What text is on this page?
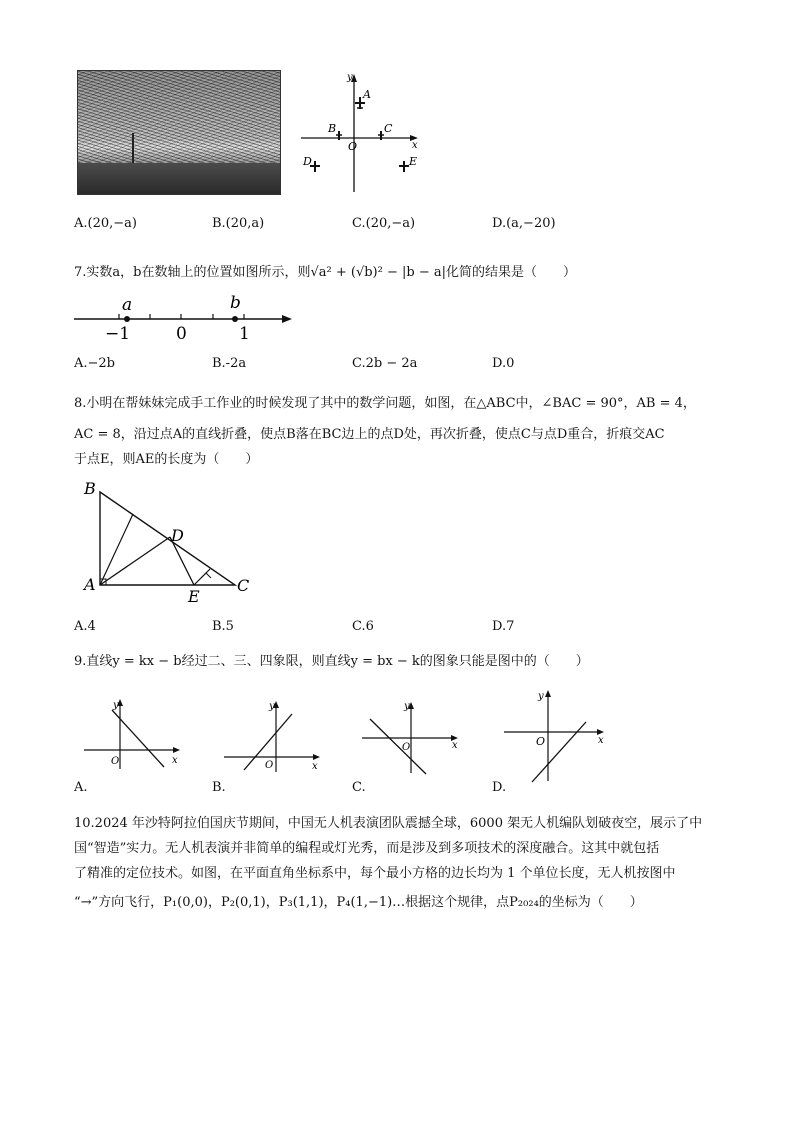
x
y
O
A
B	C
D	E
A.(20,−a)	B.(20,a)	C.(20,−a)	D.(a,−20)
7.实数a，b在数轴上的位置如图所示，则√a² + (√b)² − |b − a|化简的结果是（　　）
a	b
−1	0	1
A.−2b	B.-2a	C.2b − 2a	D.0
8.小明在帮妹妹完成手工作业的时候发现了其中的数学问题，如图，在△ABC中，∠BAC = 90°，AB = 4，
AC = 8，沿过点A的直线折叠，使点B落在BC边上的点D处，再次折叠，使点C与点D重合，折痕交AC
于点E，则AE的长度为（　　）
B
D
A
E
C
A.4	B.5	C.6	D.7
9.直线y = kx − b经过二、三、四象限，则直线y = bx − k的图象只能是图中的（　　）
y
O	x
y
O	x
y
O	x
y
O	x
A.	B.	C.	D.
10.2024 年沙特阿拉伯国庆节期间，中国无人机表演团队震撼全球，6000 架无人机编队划破夜空，展示了中
国“智造”实力。无人机表演并非简单的编程或灯光秀，而是涉及到多项技术的深度融合。这其中就包括
了精准的定位技术。如图，在平面直角坐标系中，每个最小方格的边长均为 1 个单位长度，无人机按图中
“→”方向飞行，P₁(0,0)，P₂(0,1)，P₃(1,1)，P₄(1,−1)…根据这个规律，点P₂₀₂₄的坐标为（　　）
